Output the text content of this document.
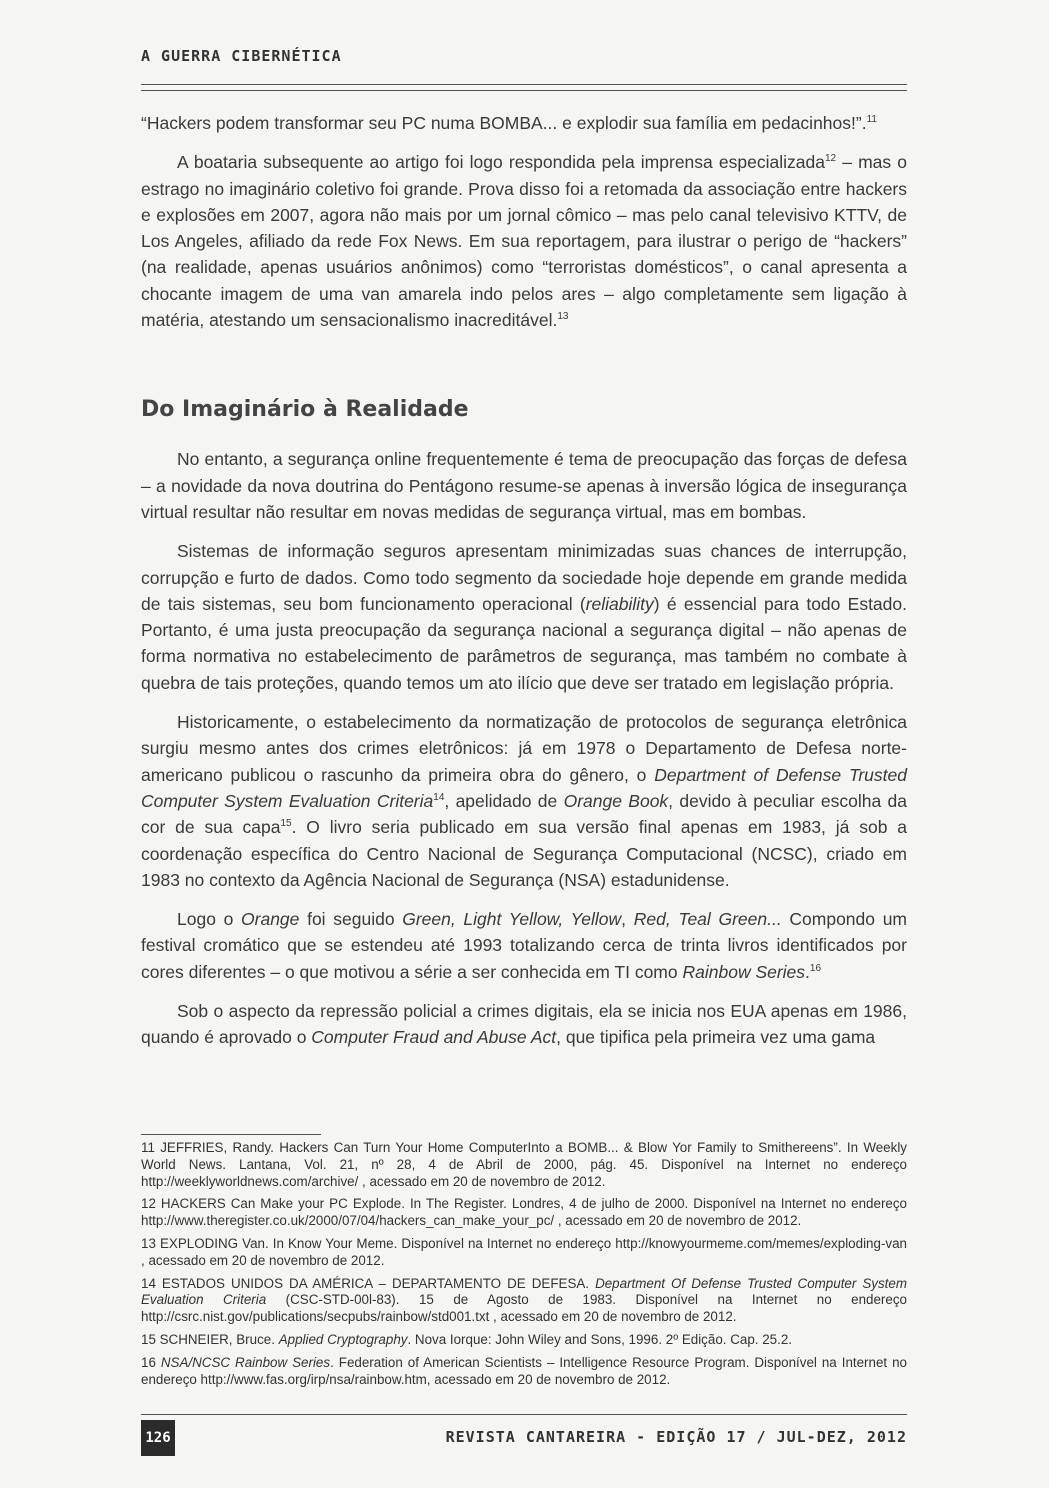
A GUERRA CIBERNÉTICA

“Hackers podem transformar seu PC numa BOMBA... e explodir sua família em pedacinhos!”.$^{11}$

A boataria subsequente ao artigo foi logo respondida pela imprensa especializada$^{12}$ – mas o estrago no imaginário coletivo foi grande. Prova disso foi a retomada da associação entre hackers e explosões em 2007, agora não mais por um jornal cômico – mas pelo canal televisivo KTTV, de Los Angeles, afiliado da rede Fox News. Em sua reportagem, para ilustrar o perigo de “hackers” (na realidade, apenas usuários anônimos) como “terroristas domésticos”, o canal apresenta a chocante imagem de uma van amarela indo pelos ares – algo completamente sem ligação à matéria, atestando um sensacionalismo inacreditável.$^{13}$

Do Imaginário à Realidade

No entanto, a segurança online frequentemente é tema de preocupação das forças de defesa – a novidade da nova doutrina do Pentágono resume-se apenas à inversão lógica de insegurança virtual resultar não resultar em novas medidas de segurança virtual, mas em bombas.

Sistemas de informação seguros apresentam minimizadas suas chances de interrupção, corrupção e furto de dados. Como todo segmento da sociedade hoje depende em grande medida de tais sistemas, seu bom funcionamento operacional (reliability) é essencial para todo Estado. Portanto, é uma justa preocupação da segurança nacional a segurança digital – não apenas de forma normativa no estabelecimento de parâmetros de segurança, mas também no combate à quebra de tais proteções, quando temos um ato ilício que deve ser tratado em legislação própria.

Historicamente, o estabelecimento da normatização de protocolos de segurança eletrônica surgiu mesmo antes dos crimes eletrônicos: já em 1978 o Departamento de Defesa norte-americano publicou o rascunho da primeira obra do gênero, o Department of Defense Trusted Computer System Evaluation Criteria$^{14}$, apelidado de Orange Book, devido à peculiar escolha da cor de sua capa$^{15}$. O livro seria publicado em sua versão final apenas em 1983, já sob a coordenação específica do Centro Nacional de Segurança Computacional (NCSC), criado em 1983 no contexto da Agência Nacional de Segurança (NSA) estadunidense.

Logo o Orange foi seguido Green, Light Yellow, Yellow, Red, Teal Green... Compondo um festival cromático que se estendeu até 1993 totalizando cerca de trinta livros identificados por cores diferentes – o que motivou a série a ser conhecida em TI como Rainbow Series.$^{16}$

Sob o aspecto da repressão policial a crimes digitais, ela se inicia nos EUA apenas em 1986, quando é aprovado o Computer Fraud and Abuse Act, que tipifica pela primeira vez uma gama

11 JEFFRIES, Randy. Hackers Can Turn Your Home ComputerInto a BOMB... & Blow Yor Family to Smithereens”. In Weekly World News. Lantana, Vol. 21, nº 28, 4 de Abril de 2000, pág. 45. Disponível na Internet no endereço http://weeklyworldnews.com/archive/ , acessado em 20 de novembro de 2012.
12 HACKERS Can Make your PC Explode. In The Register. Londres, 4 de julho de 2000. Disponível na Internet no endereço http://www.theregister.co.uk/2000/07/04/hackers_can_make_your_pc/ , acessado em 20 de novembro de 2012.
13 EXPLODING Van. In Know Your Meme. Disponível na Internet no endereço http://knowyourmeme.com/memes/exploding-van , acessado em 20 de novembro de 2012.
14 ESTADOS UNIDOS DA AMÉRICA – DEPARTAMENTO DE DEFESA. Department Of Defense Trusted Computer System Evaluation Criteria (CSC-STD-00l-83). 15 de Agosto de 1983. Disponível na Internet no endereço http://csrc.nist.gov/publications/secpubs/rainbow/std001.txt , acessado em 20 de novembro de 2012.
15 SCHNEIER, Bruce. Applied Cryptography. Nova Iorque: John Wiley and Sons, 1996. 2º Edição. Cap. 25.2.
16 NSA/NCSC Rainbow Series. Federation of American Scientists – Intelligence Resource Program. Disponível na Internet no endereço http://www.fas.org/irp/nsa/rainbow.htm, acessado em 20 de novembro de 2012.
126	REVISTA CANTAREIRA - EDIÇÃO 17 / JUL-DEZ, 2012
